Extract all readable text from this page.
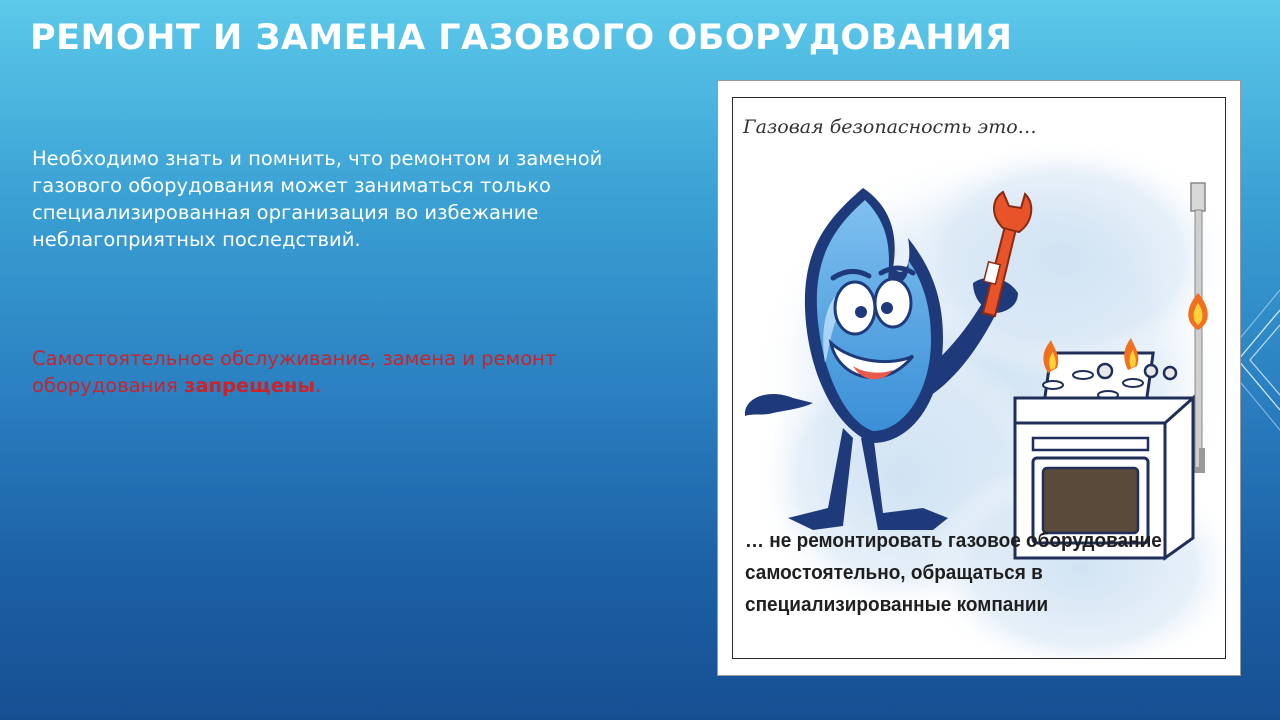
РЕМОНТ И ЗАМЕНА ГАЗОВОГО ОБОРУДОВАНИЯ

Необходимо знать и помнить, что ремонтом и заменой газового оборудования может заниматься только специализированная организация во избежание неблагоприятных последствий.

Самостоятельное обслуживание, замена и ремонт оборудования запрещены.

Газовая безопасность это…
… не ремонтировать газовое оборудование
самостоятельно, обращаться в
специализированные компании
